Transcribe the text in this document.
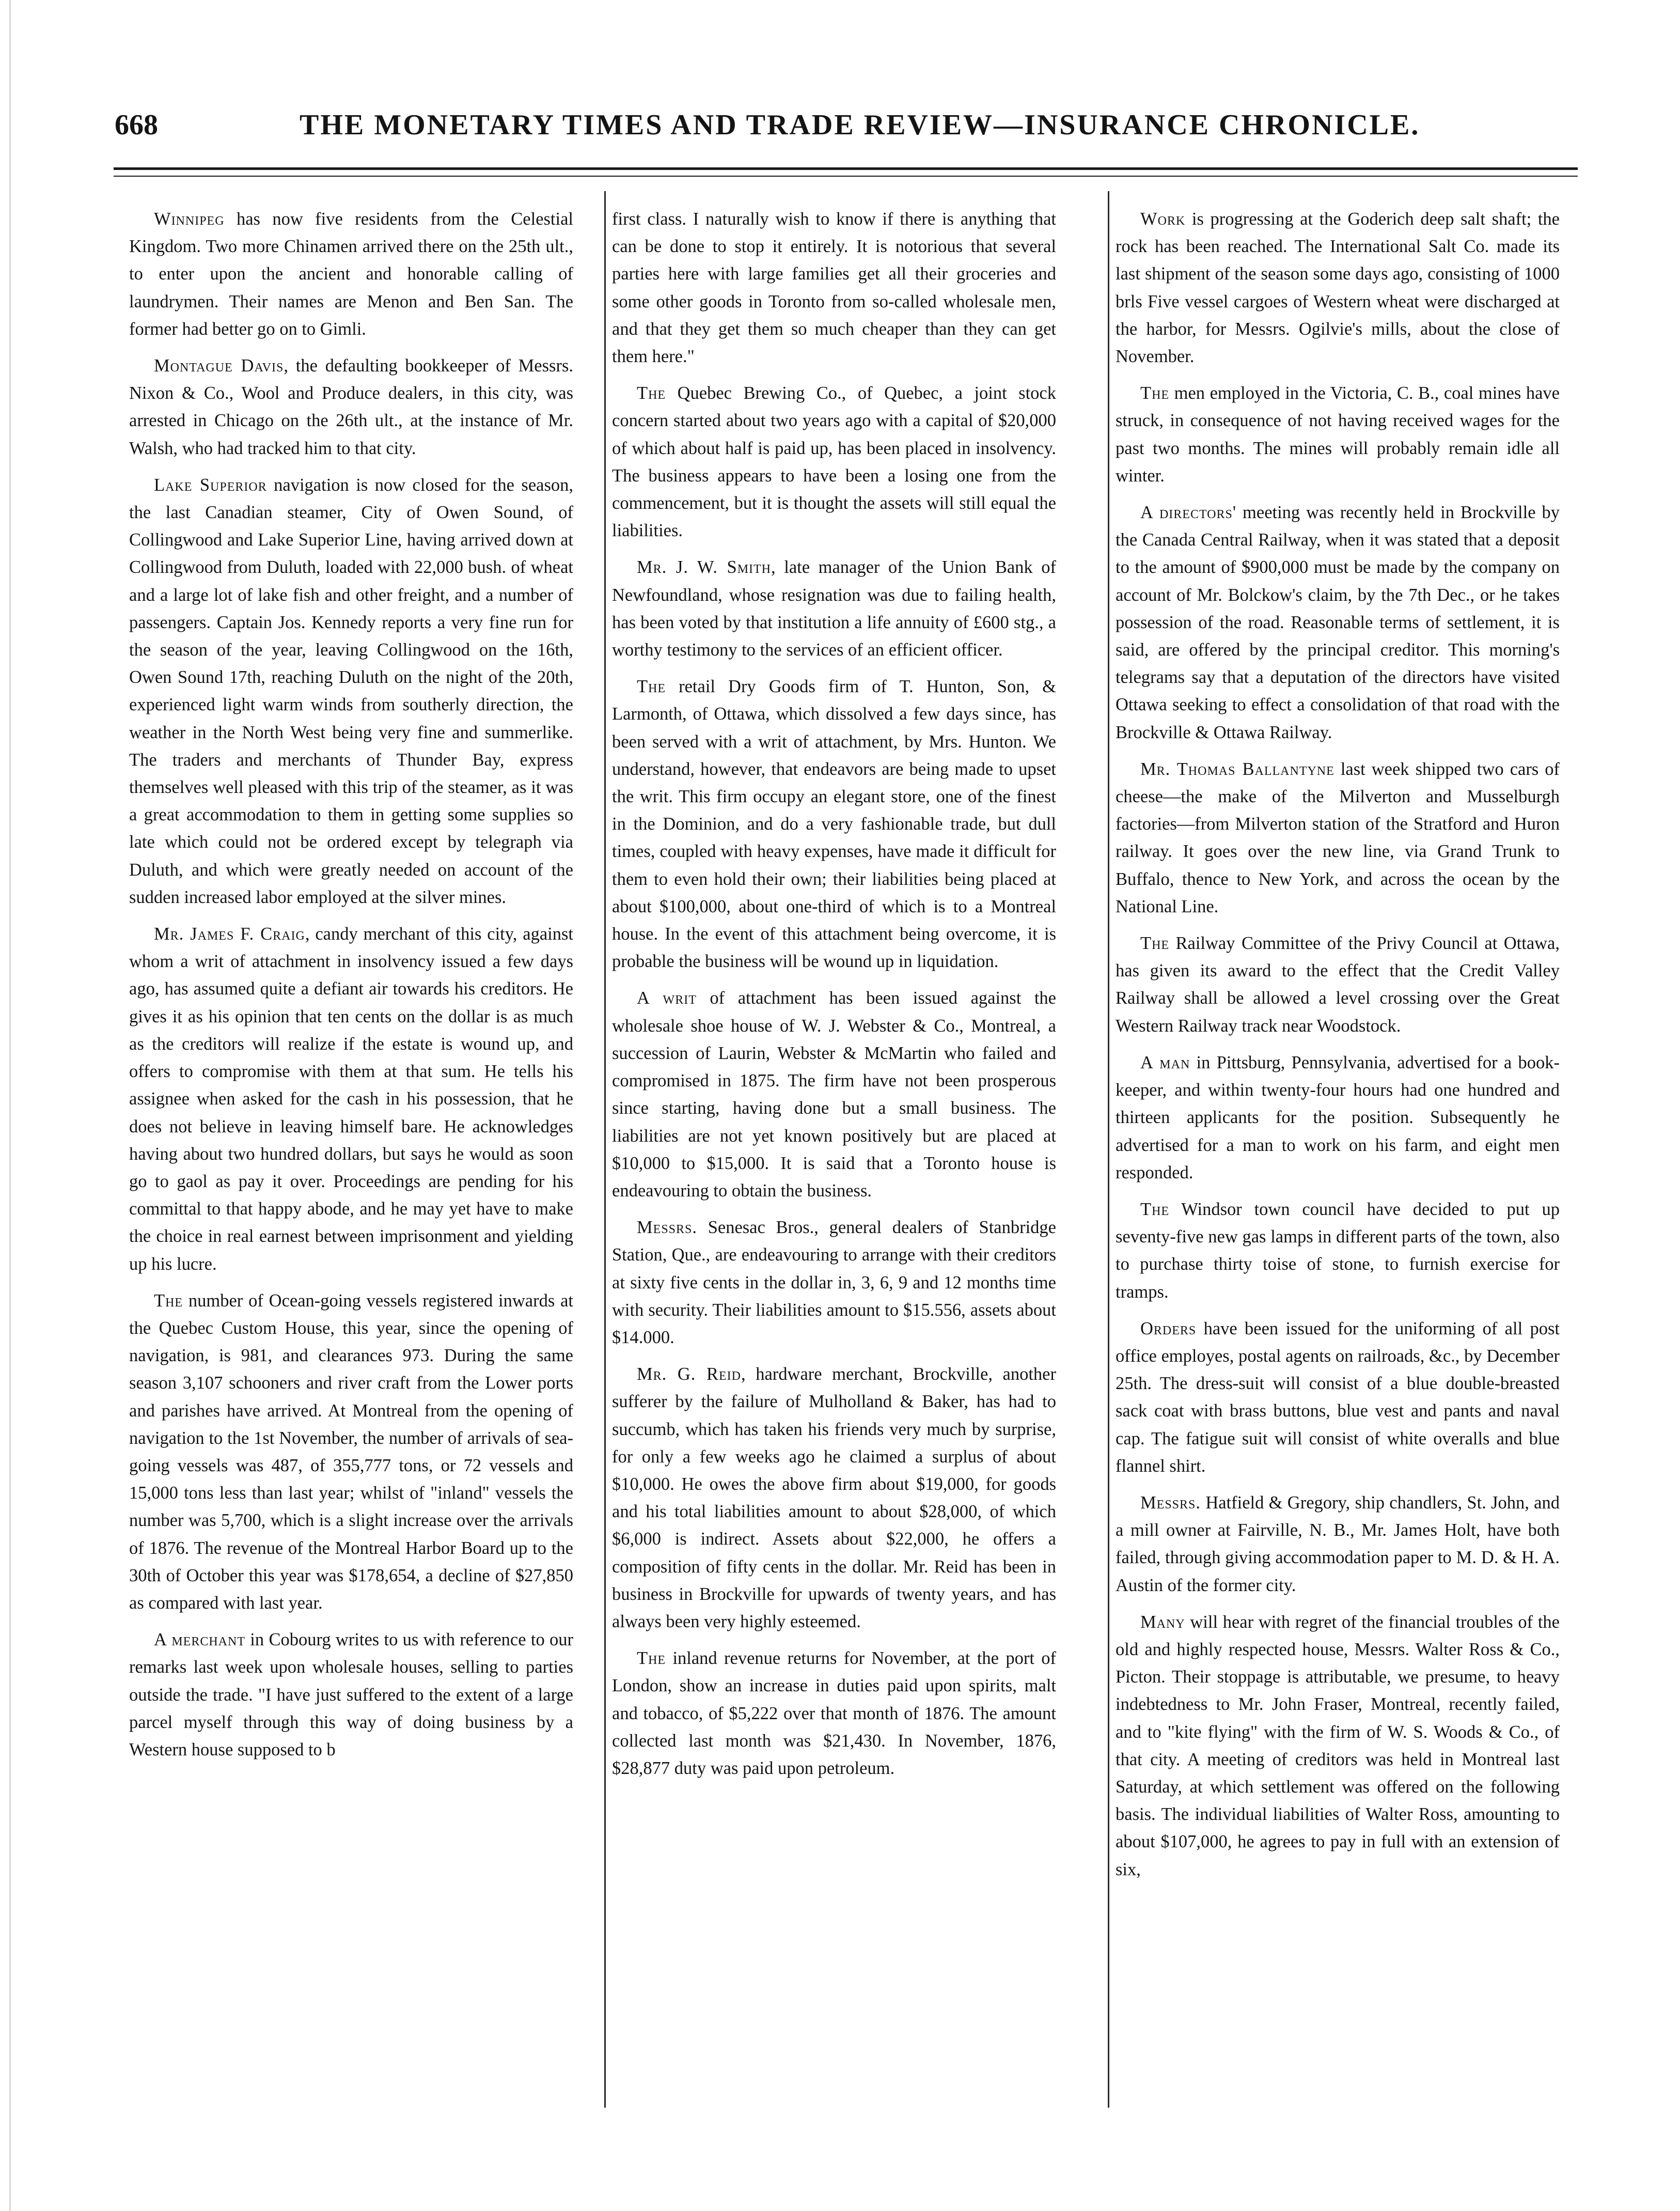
668	THE MONETARY TIMES AND TRADE REVIEW—INSURANCE CHRONICLE.

Winnipeg has now five residents from the Celestial Kingdom. Two more Chinamen arrived there on the 25th ult., to enter upon the ancient and honorable calling of laundrymen. Their names are Menon and Ben San. The former had better go on to Gimli.

Montague Davis, the defaulting bookkeeper of Messrs. Nixon & Co., Wool and Produce dealers, in this city, was arrested in Chicago on the 26th ult., at the instance of Mr. Walsh, who had tracked him to that city.

Lake Superior navigation is now closed for the season, the last Canadian steamer, City of Owen Sound, of Collingwood and Lake Superior Line, having arrived down at Collingwood from Duluth, loaded with 22,000 bush. of wheat and a large lot of lake fish and other freight, and a number of passengers. Captain Jos. Kennedy reports a very fine run for the season of the year, leaving Collingwood on the 16th, Owen Sound 17th, reaching Duluth on the night of the 20th, experienced light warm winds from southerly direction, the weather in the North West being very fine and summerlike. The traders and merchants of Thunder Bay, express themselves well pleased with this trip of the steamer, as it was a great accommodation to them in getting some supplies so late which could not be ordered except by telegraph via Duluth, and which were greatly needed on account of the sudden increased labor employed at the silver mines.

Mr. James F. Craig, candy merchant of this city, against whom a writ of attachment in insolvency issued a few days ago, has assumed quite a defiant air towards his creditors. He gives it as his opinion that ten cents on the dollar is as much as the creditors will realize if the estate is wound up, and offers to compromise with them at that sum. He tells his assignee when asked for the cash in his possession, that he does not believe in leaving himself bare. He acknowledges having about two hundred dollars, but says he would as soon go to gaol as pay it over. Proceedings are pending for his committal to that happy abode, and he may yet have to make the choice in real earnest between imprisonment and yielding up his lucre.

The number of Ocean-going vessels registered inwards at the Quebec Custom House, this year, since the opening of navigation, is 981, and clearances 973. During the same season 3,107 schooners and river craft from the Lower ports and parishes have arrived. At Montreal from the opening of navigation to the 1st November, the number of arrivals of sea-going vessels was 487, of 355,777 tons, or 72 vessels and 15,000 tons less than last year; whilst of "inland" vessels the number was 5,700, which is a slight increase over the arrivals of 1876. The revenue of the Montreal Harbor Board up to the 30th of October this year was $178,654, a decline of $27,850 as compared with last year.

A merchant in Cobourg writes to us with reference to our remarks last week upon wholesale houses, selling to parties outside the trade. "I have just suffered to the extent of a large parcel myself through this way of doing business by a Western house supposed to b

first class. I naturally wish to know if there is anything that can be done to stop it entirely. It is notorious that several parties here with large families get all their groceries and some other goods in Toronto from so-called wholesale men, and that they get them so much cheaper than they can get them here."

The Quebec Brewing Co., of Quebec, a joint stock concern started about two years ago with a capital of $20,000 of which about half is paid up, has been placed in insolvency. The business appears to have been a losing one from the commencement, but it is thought the assets will still equal the liabilities.

Mr. J. W. Smith, late manager of the Union Bank of Newfoundland, whose resignation was due to failing health, has been voted by that institution a life annuity of £600 stg., a worthy testimony to the services of an efficient officer.

The retail Dry Goods firm of T. Hunton, Son, & Larmonth, of Ottawa, which dissolved a few days since, has been served with a writ of attachment, by Mrs. Hunton. We understand, however, that endeavors are being made to upset the writ. This firm occupy an elegant store, one of the finest in the Dominion, and do a very fashionable trade, but dull times, coupled with heavy expenses, have made it difficult for them to even hold their own; their liabilities being placed at about $100,000, about one-third of which is to a Montreal house. In the event of this attachment being overcome, it is probable the business will be wound up in liquidation.

A writ of attachment has been issued against the wholesale shoe house of W. J. Webster & Co., Montreal, a succession of Laurin, Webster & McMartin who failed and compromised in 1875. The firm have not been prosperous since starting, having done but a small business. The liabilities are not yet known positively but are placed at $10,000 to $15,000. It is said that a Toronto house is endeavouring to obtain the business.

Messrs. Senesac Bros., general dealers of Stanbridge Station, Que., are endeavouring to arrange with their creditors at sixty five cents in the dollar in, 3, 6, 9 and 12 months time with security. Their liabilities amount to $15.556, assets about $14.000.

Mr. G. Reid, hardware merchant, Brockville, another sufferer by the failure of Mulholland & Baker, has had to succumb, which has taken his friends very much by surprise, for only a few weeks ago he claimed a surplus of about $10,000. He owes the above firm about $19,000, for goods and his total liabilities amount to about $28,000, of which $6,000 is indirect. Assets about $22,000, he offers a composition of fifty cents in the dollar. Mr. Reid has been in business in Brockville for upwards of twenty years, and has always been very highly esteemed.

The inland revenue returns for November, at the port of London, show an increase in duties paid upon spirits, malt and tobacco, of $5,222 over that month of 1876. The amount collected last month was $21,430. In November, 1876, $28,877 duty was paid upon petroleum.

Work is progressing at the Goderich deep salt shaft; the rock has been reached. The International Salt Co. made its last shipment of the season some days ago, consisting of 1000 brls Five vessel cargoes of Western wheat were discharged at the harbor, for Messrs. Ogilvie's mills, about the close of November.

The men employed in the Victoria, C. B., coal mines have struck, in consequence of not having received wages for the past two months. The mines will probably remain idle all winter.

A directors' meeting was recently held in Brockville by the Canada Central Railway, when it was stated that a deposit to the amount of $900,000 must be made by the company on account of Mr. Bolckow's claim, by the 7th Dec., or he takes possession of the road. Reasonable terms of settlement, it is said, are offered by the principal creditor. This morning's telegrams say that a deputation of the directors have visited Ottawa seeking to effect a consolidation of that road with the Brockville & Ottawa Railway.

Mr. Thomas Ballantyne last week shipped two cars of cheese—the make of the Milverton and Musselburgh factories—from Milverton station of the Stratford and Huron railway. It goes over the new line, via Grand Trunk to Buffalo, thence to New York, and across the ocean by the National Line.

The Railway Committee of the Privy Council at Ottawa, has given its award to the effect that the Credit Valley Railway shall be allowed a level crossing over the Great Western Railway track near Woodstock.

A man in Pittsburg, Pennsylvania, advertised for a book-keeper, and within twenty-four hours had one hundred and thirteen applicants for the position. Subsequently he advertised for a man to work on his farm, and eight men responded.

The Windsor town council have decided to put up seventy-five new gas lamps in different parts of the town, also to purchase thirty toise of stone, to furnish exercise for tramps.

Orders have been issued for the uniforming of all post office employes, postal agents on railroads, &c., by December 25th. The dress-suit will consist of a blue double-breasted sack coat with brass buttons, blue vest and pants and naval cap. The fatigue suit will consist of white overalls and blue flannel shirt.

Messrs. Hatfield & Gregory, ship chandlers, St. John, and a mill owner at Fairville, N. B., Mr. James Holt, have both failed, through giving accommodation paper to M. D. & H. A. Austin of the former city.

Many will hear with regret of the financial troubles of the old and highly respected house, Messrs. Walter Ross & Co., Picton. Their stoppage is attributable, we presume, to heavy indebtedness to Mr. John Fraser, Montreal, recently failed, and to "kite flying" with the firm of W. S. Woods & Co., of that city. A meeting of creditors was held in Montreal last Saturday, at which settlement was offered on the following basis. The individual liabilities of Walter Ross, amounting to about $107,000, he agrees to pay in full with an extension of six,
